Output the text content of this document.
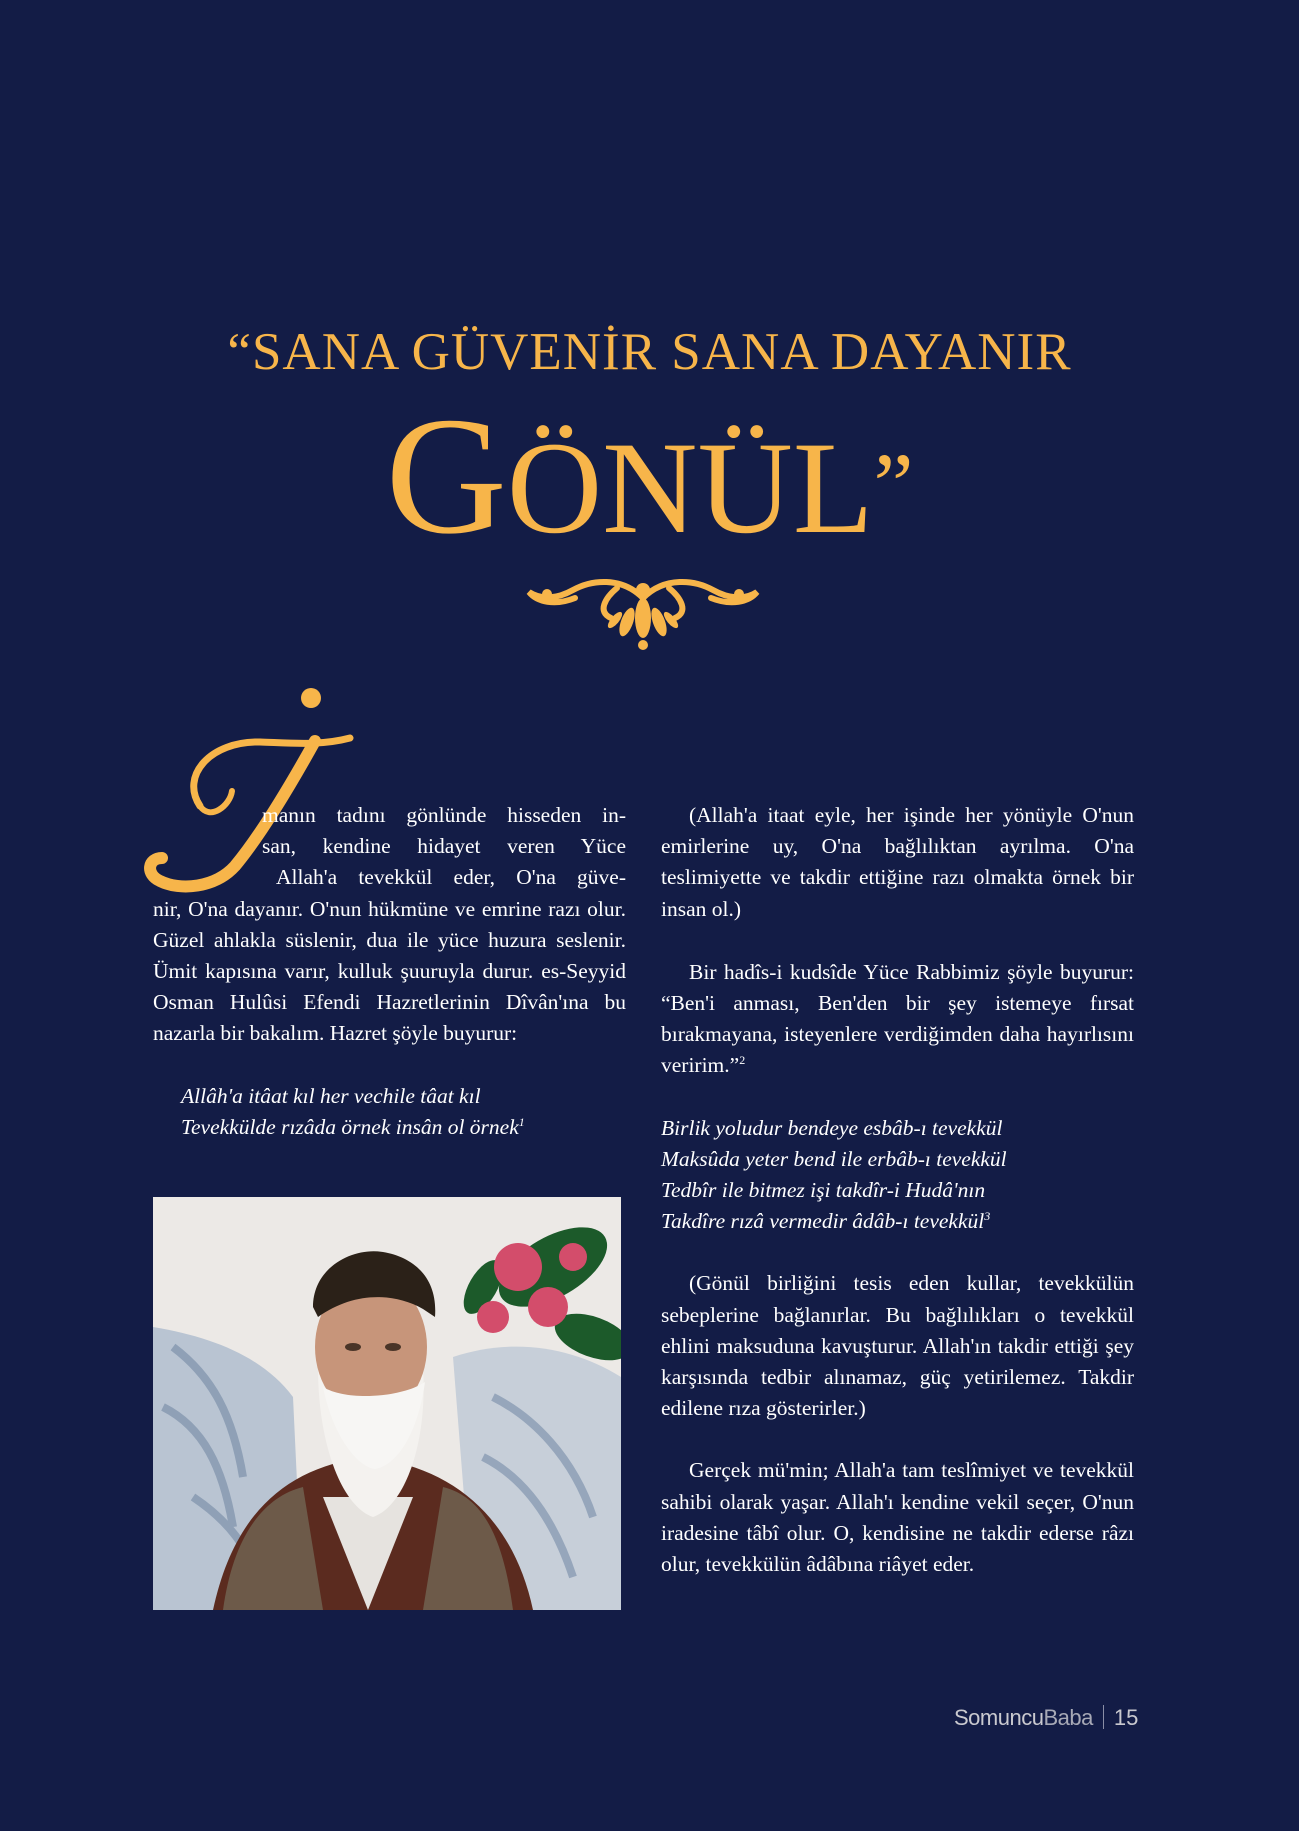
“SANA GÜVENİR SANA DAYANIR
GÖNÜL”

manın tadını gönlünde hisseden in-
san, kendine hidayet veren Yüce
Allah'a tevekkül eder, O'na güve-
nir, O'na dayanır. O'nun hükmüne ve emrine razı olur. Güzel ahlakla süslenir, dua ile yüce huzura seslenir. Ümit kapısına varır, kulluk şuuruyla durur. es-Seyyid Osman Hulûsi Efendi Hazretlerinin Dîvân'ına bu nazarla bir bakalım. Hazret şöyle buyurur:

Allâh'a itâat kıl her vechile tâat kıl
Tevekkülde rızâda örnek insân ol örnek$^1$

(Allah'a itaat eyle, her işinde her yönüyle O'nun emirlerine uy, O'na bağlılıktan ayrılma. O'na teslimiyette ve takdir ettiğine razı olmakta örnek bir insan ol.)

Bir hadîs-i kudsîde Yüce Rabbimiz şöyle buyurur: “Ben'i anması, Ben'den bir şey istemeye fırsat bırakmayana, isteyenlere verdiğimden daha hayırlısını veririm.”$^2$

Birlik yoludur bendeye esbâb-ı tevekkül
Maksûda yeter bend ile erbâb-ı tevekkül
Tedbîr ile bitmez işi takdîr-i Hudâ'nın
Takdîre rızâ vermedir âdâb-ı tevekkül$^3$

(Gönül birliğini tesis eden kullar, tevekkülün sebeplerine bağlanırlar. Bu bağlılıkları o tevekkül ehlini maksuduna kavuşturur. Allah'ın takdir ettiği şey karşısında tedbir alınamaz, güç yetirilemez. Takdir edilene rıza gösterirler.)

Gerçek mü'min; Allah'a tam teslîmiyet ve tevekkül sahibi olarak yaşar. Allah'ı kendine vekil seçer, O'nun iradesine tâbî olur. O, kendisine ne takdir ederse râzı olur, tevekkülün âdâbına riâyet eder.

SomuncuBaba 15
